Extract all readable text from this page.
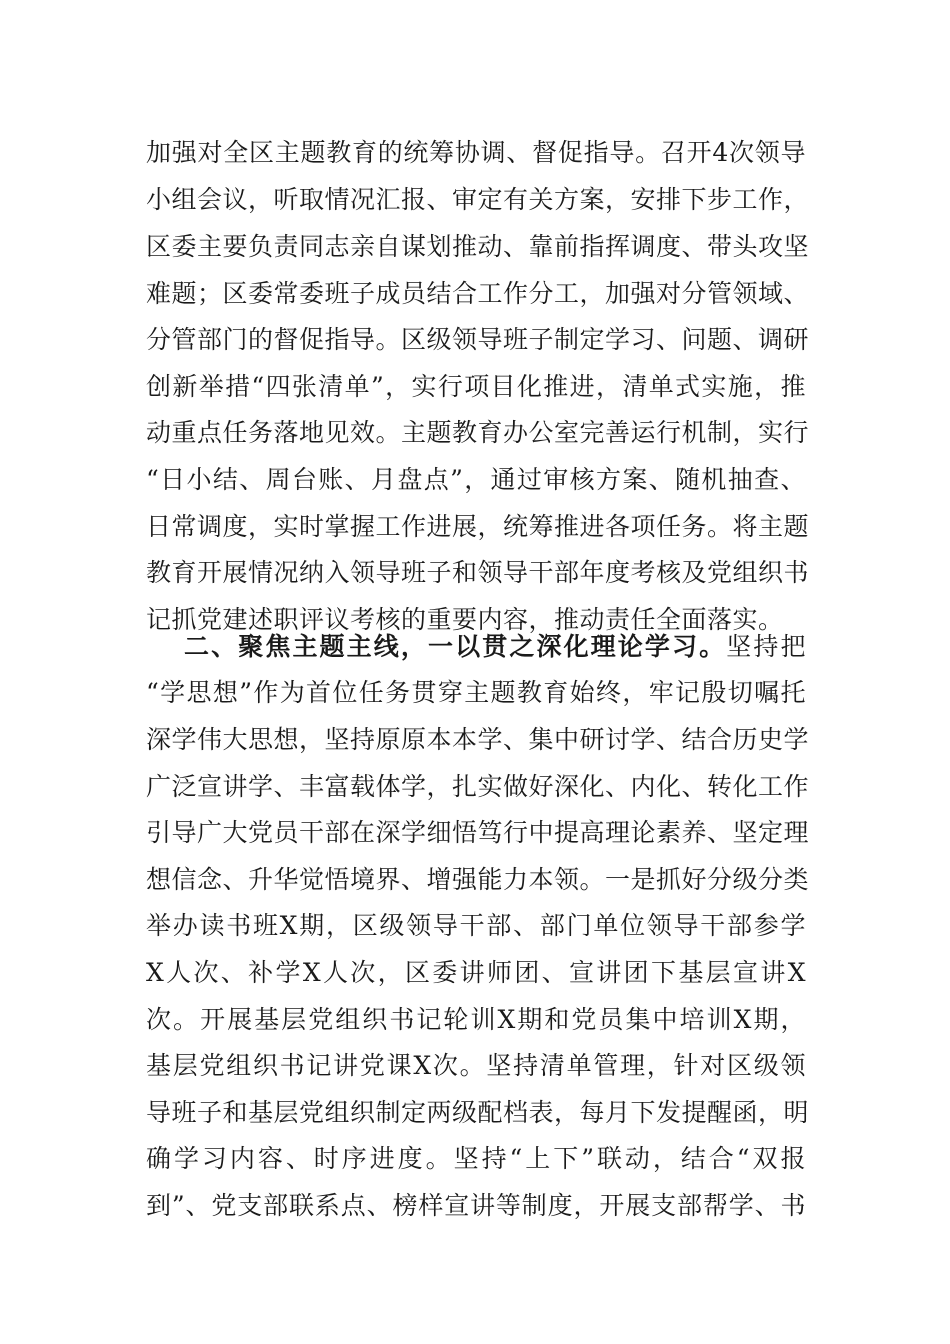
加强对全区主题教育的统筹协调、督促指导。召开4次领导
小组会议，听取情况汇报、审定有关方案，安排下步工作，
区委主要负责同志亲自谋划推动、靠前指挥调度、带头攻坚
难题；区委常委班子成员结合工作分工，加强对分管领域、
分管部门的督促指导。区级领导班子制定学习、问题、调研
创新举措“四张清单”，实行项目化推进，清单式实施，推
动重点任务落地见效。主题教育办公室完善运行机制，实行
“日小结、周台账、月盘点”，通过审核方案、随机抽查、
日常调度，实时掌握工作进展，统筹推进各项任务。将主题
教育开展情况纳入领导班子和领导干部年度考核及党组织书
记抓党建述职评议考核的重要内容，推动责任全面落实。
二、聚焦主题主线，一以贯之深化理论学习。坚持把
“学思想”作为首位任务贯穿主题教育始终，牢记殷切嘱托
深学伟大思想，坚持原原本本学、集中研讨学、结合历史学
广泛宣讲学、丰富载体学，扎实做好深化、内化、转化工作
引导广大党员干部在深学细悟笃行中提高理论素养、坚定理
想信念、升华觉悟境界、增强能力本领。一是抓好分级分类
举办读书班X期，区级领导干部、部门单位领导干部参学
X人次、补学X人次，区委讲师团、宣讲团下基层宣讲X
次。开展基层党组织书记轮训X期和党员集中培训X期，
基层党组织书记讲党课X次。坚持清单管理，针对区级领
导班子和基层党组织制定两级配档表，每月下发提醒函，明
确学习内容、时序进度。坚持“上下”联动，结合“双报
到”、党支部联系点、榜样宣讲等制度，开展支部帮学、书
